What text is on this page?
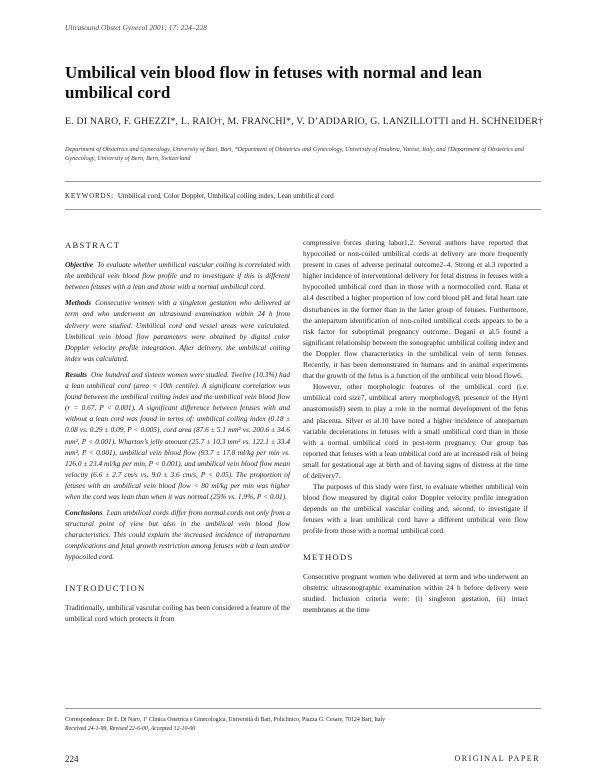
Ultrasound Obstet Gynecol 2001; 17: 224–228
Umbilical vein blood flow in fetuses with normal and lean umbilical cord
E. DI NARO, F. GHEZZI*, L. RAIO†, M. FRANCHI*, V. D’ADDARIO, G. LANZILLOTTI and H. SCHNEIDER†
Department of Obstetrics and Gynecology, University of Bari, Bari, *Department of Obstetrics and Gynecology, University of Insubria, Varese, Italy, and †Department of Obstetrics and Gynecology, University of Bern, Bern, Switzerland
KEYWORDS: Umbilical cord, Color Doppler, Umbilical coiling index, Lean umbilical cord
ABSTRACT

Objective To evaluate whether umbilical vascular coiling is correlated with the umbilical vein blood flow profile and to investigate if this is different between fetuses with a lean and those with a normal umbilical cord.

Methods Consecutive women with a singleton gestation who delivered at term and who underwent an ultrasound examination within 24 h from delivery were studied. Umbilical cord and vessel areas were calculated. Umbilical vein blood flow parameters were obtained by digital color Doppler velocity profile integration. After delivery, the umbilical coiling index was calculated.

Results One hundred and sixteen women were studied. Twelve (10.3%) had a lean umbilical cord (area < 10th centile). A significant correlation was found between the umbilical coiling index and the umbilical vein blood flow (r = 0.67, P < 0.001). A significant difference between fetuses with and without a lean cord was found in terms of: umbilical coiling index (0.18 ± 0.08 vs. 0.29 ± 0.09, P < 0.005), cord area (87.6 ± 5.1 mm² vs. 200.6 ± 34.6 mm², P < 0.001), Wharton’s jelly amount (25.7 ± 10.3 mm² vs. 122.1 ± 33.4 mm², P < 0.001), umbilical vein blood flow (93.7 ± 17.8 ml/kg per min vs. 126.0 ± 23.4 ml/kg per min, P < 0.001), and umbilical vein blood flow mean velocity (6.6 ± 2.7 cm/s vs. 9.0 ± 3.6 cm/s, P < 0.05). The proportion of fetuses with an umbilical vein blood flow < 80 ml/kg per min was higher when the cord was lean than when it was normal (25% vs. 1.9%, P < 0.01).

Conclusions Lean umbilical cords differ from normal cords not only from a structural point of view but also in the umbilical vein blood flow characteristics. This could explain the increased incidence of intrapartum complications and fetal growth restriction among fetuses with a lean and/or hypocoiled cord.

INTRODUCTION

Traditionally, umbilical vascular coiling has been considered a feature of the umbilical cord which protects it from

compressive forces during labor1,2. Several authors have reported that hypocoiled or non-coiled umbilical cords at delivery are more frequently present in cases of adverse perinatal outcome2–4. Strong et al.3 reported a higher incidence of interventional delivery for fetal distress in fetuses with a hypocoiled umbilical cord than in those with a normocoiled cord. Rana et al.4 described a higher proportion of low cord blood pH and fetal heart rate disturbances in the former than in the latter group of fetuses. Furthermore, the antepartum identification of non-coiled umbilical cords appears to be a risk factor for suboptimal pregnancy outcome. Degani et al.5 found a significant relationship between the sonographic umbilical coiling index and the Doppler flow characteristics in the umbilical vein of term fetuses. Recently, it has been demonstrated in humans and in animal experiments that the growth of the fetus is a function of the umbilical vein blood flow6.

However, other morphologic features of the umbilical cord (i.e. umbilical cord size7, umbilical artery morphology8, presence of the Hyrtl anastomosis9) seem to play a role in the normal development of the fetus and placenta. Silver et al.10 have noted a higher incidence of antepartum variable decelerations in fetuses with a small umbilical cord than in those with a normal umbilical cord in post-term pregnancy. Our group has reported that fetuses with a lean umbilical cord are at increased risk of being small for gestational age at birth and of having signs of distress at the time of delivery7.

The purposes of this study were first, to evaluate whether umbilical vein blood flow measured by digital color Doppler velocity profile integration depends on the umbilical vascular coiling and, second, to investigate if fetuses with a lean umbilical cord have a different umbilical vein flow profile from those with a normal umbilical cord.

METHODS

Consecutive pregnant women who delivered at term and who underwent an obstetric ultrasonographic examination within 24 h before delivery were studied. Inclusion criteria were: (i) singleton gestation, (ii) intact membranes at the time

Correspondence: Dr E. Di Naro, 1ª Clinica Ostetrica e Ginecologica, Università di Bari, Policlinico, Piazza G. Cesare, 70124 Bari, Italy
Received 24-1-99, Revised 22-6-00, Accepted 12-10-00
224	ORIGINAL PAPER
